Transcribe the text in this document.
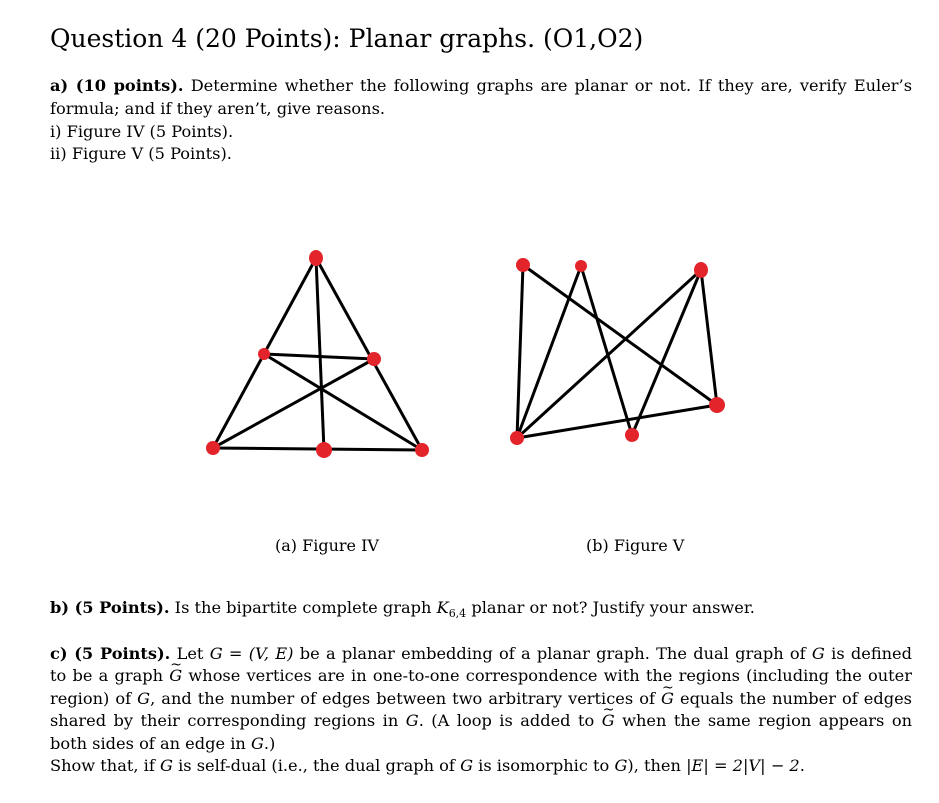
Question 4 (20 Points): Planar graphs. (O1,O2)
a) (10 points). Determine whether the following graphs are planar or not. If they are, verify Euler’s formula; and if they aren’t, give reasons.
i) Figure IV (5 Points).
ii) Figure V (5 Points).
(a) Figure IV	(b) Figure V
b) (5 Points). Is the bipartite complete graph $K_{6,4}$ planar or not? Justify your answer.
c) (5 Points). Let G = (V, E) be a planar embedding of a planar graph. The dual graph of G is defined
to be a graph ~ G whose vertices are in one-to-one correspondence with the regions (including the outer
region) of G, and the number of edges between two arbitrary vertices of ~ G equals the number of edges
shared by their corresponding regions in G. (A loop is added to ~ G when the same region appears on
both sides of an edge in G.)
Show that, if G is self-dual (i.e., the dual graph of G is isomorphic to G), then |E| = 2|V| − 2.
